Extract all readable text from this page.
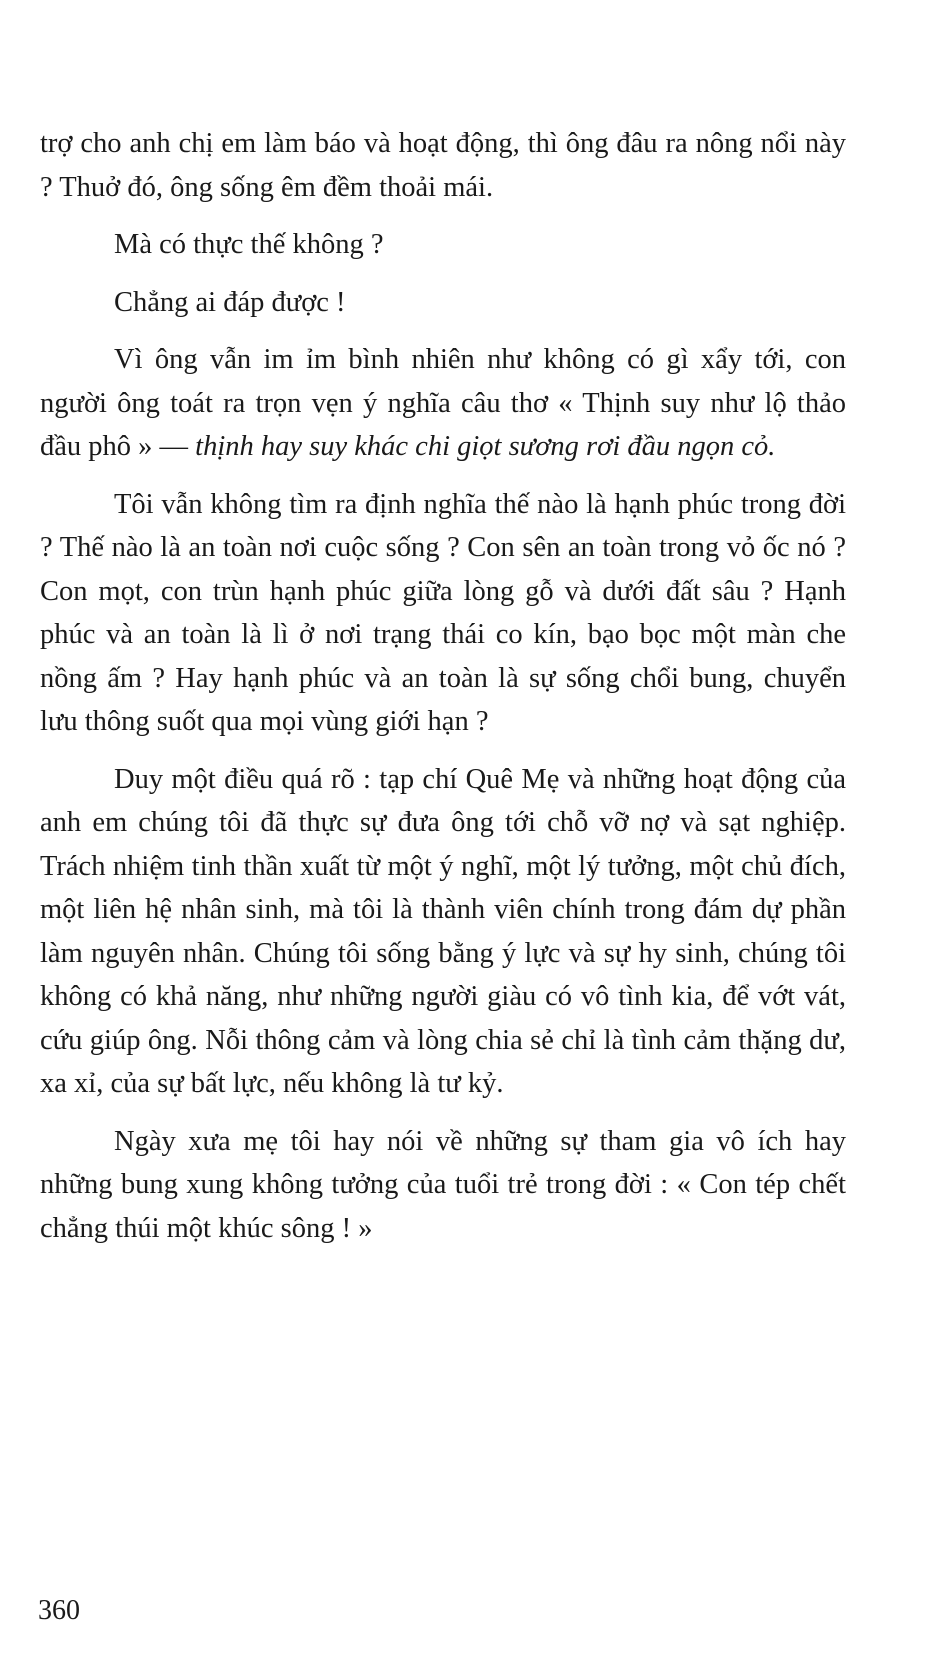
trợ cho anh chị em làm báo và hoạt động, thì ông đâu ra nông nổi này ? Thuở đó, ông sống êm đềm thoải mái.

Mà có thực thế không ?

Chẳng ai đáp được !

Vì ông vẫn im ỉm bình nhiên như không có gì xẩy tới, con người ông toát ra trọn vẹn ý nghĩa câu thơ « Thịnh suy như lộ thảo đầu phô » — thịnh hay suy khác chi giọt sương rơi đầu ngọn cỏ.

Tôi vẫn không tìm ra định nghĩa thế nào là hạnh phúc trong đời ? Thế nào là an toàn nơi cuộc sống ? Con sên an toàn trong vỏ ốc nó ? Con mọt, con trùn hạnh phúc giữa lòng gỗ và dưới đất sâu ? Hạnh phúc và an toàn là lì ở nơi trạng thái co kín, bạo bọc một màn che nồng ấm ? Hay hạnh phúc và an toàn là sự sống chổi bung, chuyển lưu thông suốt qua mọi vùng giới hạn ?

Duy một điều quá rõ : tạp chí Quê Mẹ và những hoạt động của anh em chúng tôi đã thực sự đưa ông tới chỗ vỡ nợ và sạt nghiệp. Trách nhiệm tinh thần xuất từ một ý nghĩ, một lý tưởng, một chủ đích, một liên hệ nhân sinh, mà tôi là thành viên chính trong đám dự phần làm nguyên nhân. Chúng tôi sống bằng ý lực và sự hy sinh, chúng tôi không có khả năng, như những người giàu có vô tình kia, để vớt vát, cứu giúp ông. Nỗi thông cảm và lòng chia sẻ chỉ là tình cảm thặng dư, xa xỉ, của sự bất lực, nếu không là tư kỷ.

Ngày xưa mẹ tôi hay nói về những sự tham gia vô ích hay những bung xung không tưởng của tuổi trẻ trong đời : « Con tép chết chẳng thúi một khúc sông ! »

360
